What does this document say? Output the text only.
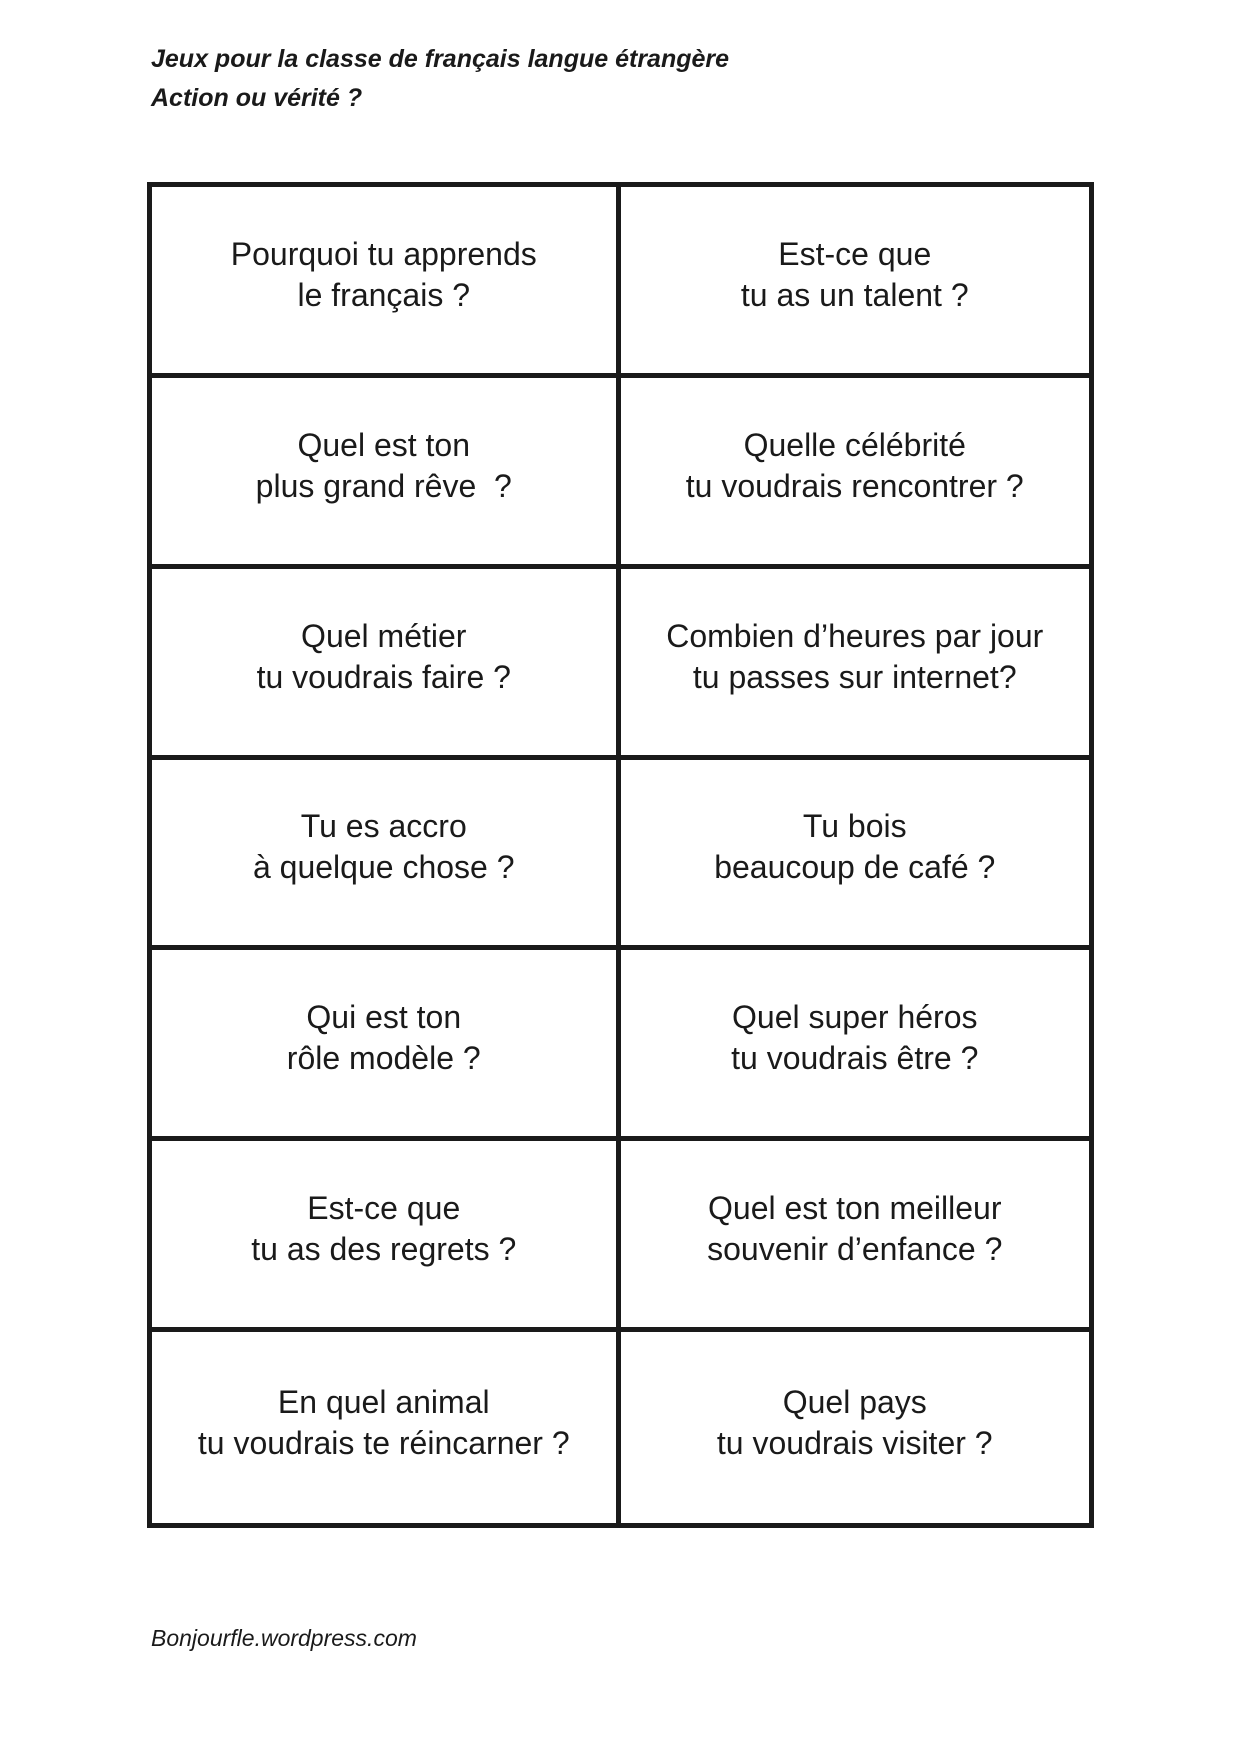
Jeux pour la classe de français langue étrangère
Action ou vérité ?
Pourquoi tu apprends
le français ?
Est-ce que
tu as un talent ?
Quel est ton
plus grand rêve  ?
Quelle célébrité
tu voudrais rencontrer ?
Quel métier
tu voudrais faire ?
Combien d’heures par jour
tu passes sur internet?
Tu es accro
à quelque chose ?
Tu bois
beaucoup de café ?
Qui est ton
rôle modèle ?
Quel super héros
tu voudrais être ?
Est-ce que
tu as des regrets ?
Quel est ton meilleur
souvenir d’enfance ?
En quel animal
tu voudrais te réincarner ?
Quel pays
tu voudrais visiter ?
Bonjourfle.wordpress.com
